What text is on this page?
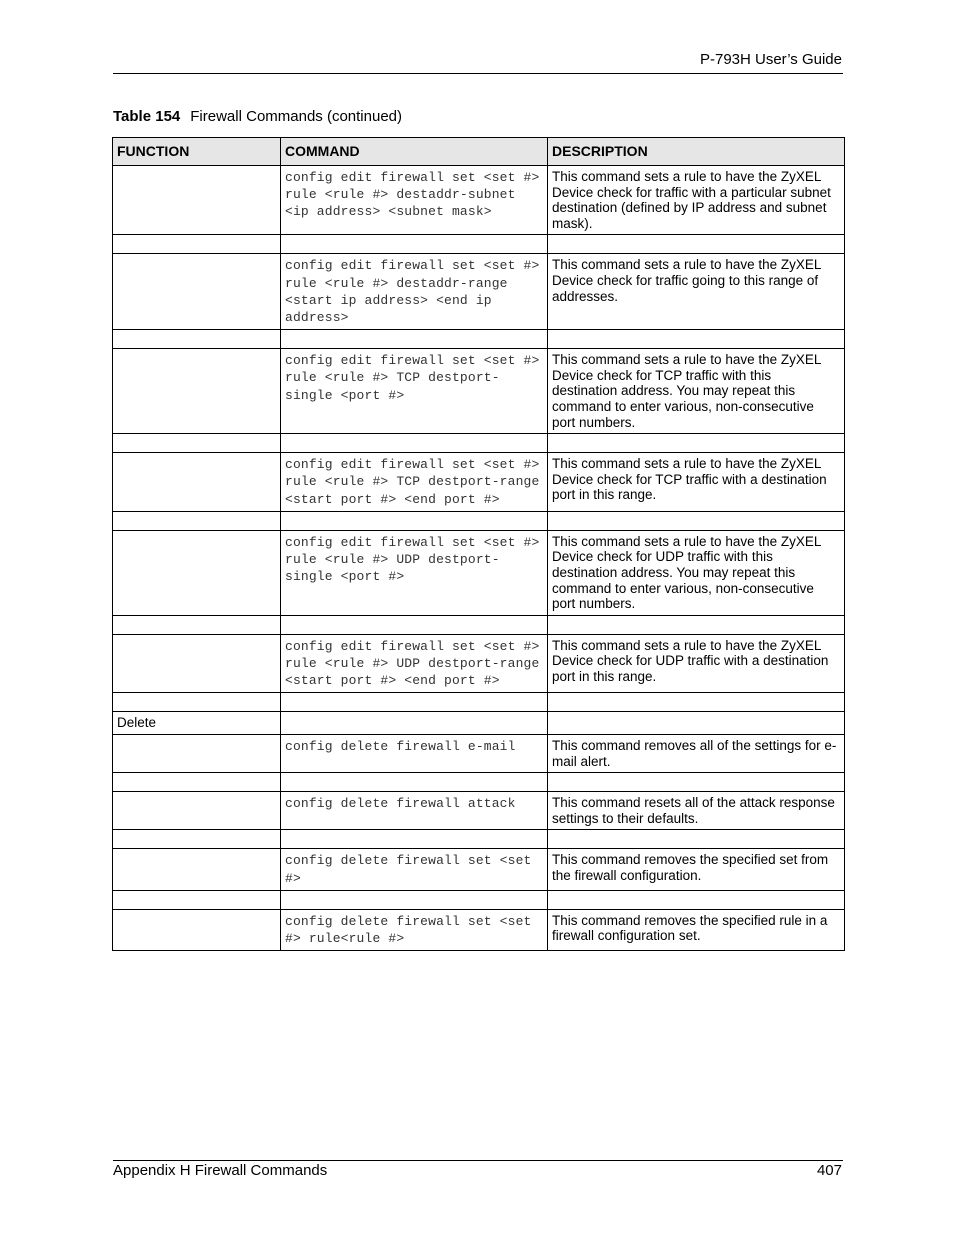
P-793H User’s Guide
Table 154 Firewall Commands (continued)
FUNCTION	COMMAND	DESCRIPTION

	config edit firewall set <set #> rule <rule #> destaddr-subnet <ip address> <subnet mask>	This command sets a rule to have the ZyXEL Device check for traffic with a particular subnet destination (defined by IP address and subnet mask).

	config edit firewall set <set #> rule <rule #> destaddr-range <start ip address> <end ip address>	This command sets a rule to have the ZyXEL Device check for traffic going to this range of addresses.

	config edit firewall set <set #> rule <rule #> TCP destport-single <port #>	This command sets a rule to have the ZyXEL Device check for TCP traffic with this destination address. You may repeat this command to enter various, non-consecutive port numbers.

	config edit firewall set <set #> rule <rule #> TCP destport-range <start port #> <end port #>	This command sets a rule to have the ZyXEL Device check for TCP traffic with a destination port in this range.

	config edit firewall set <set #> rule <rule #> UDP destport-single <port #>	This command sets a rule to have the ZyXEL Device check for UDP traffic with this destination address. You may repeat this command to enter various, non-consecutive port numbers.

	config edit firewall set <set #> rule <rule #> UDP destport-range <start port #> <end port #>	This command sets a rule to have the ZyXEL Device check for UDP traffic with a destination port in this range.

Delete	

	config delete firewall e-mail	This command removes all of the settings for e-mail alert.

	config delete firewall attack	This command resets all of the attack response settings to their defaults.

	config delete firewall set <set #>	This command removes the specified set from the firewall configuration.

	config delete firewall set <set #> rule<rule #>	This command removes the specified rule in a firewall configuration set.
Appendix H Firewall Commands	407
